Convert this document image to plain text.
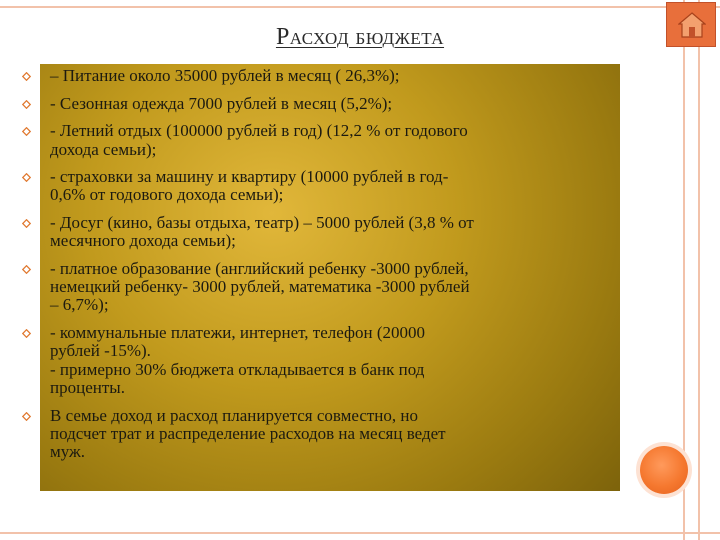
Расход бюджета
– Питание около 35000 рублей в месяц ( 26,3%);
- Сезонная одежда 7000 рублей в месяц (5,2%);
- Летний отдых (100000 рублей в год) (12,2 % от годового
дохода семьи);
- страховки за машину и квартиру (10000 рублей в год-
0,6% от годового дохода семьи);
- Досуг (кино, базы отдыха, театр) – 5000 рублей (3,8 % от
месячного дохода семьи);
- платное образование (английский ребенку -3000 рублей,
немецкий ребенку- 3000 рублей, математика -3000 рублей
– 6,7%);
- коммунальные платежи, интернет, телефон (20000
рублей -15%).
- примерно 30% бюджета откладывается в банк под
проценты.
В семье доход и расход планируется совместно, но
подсчет трат и распределение расходов на месяц ведет
муж.
